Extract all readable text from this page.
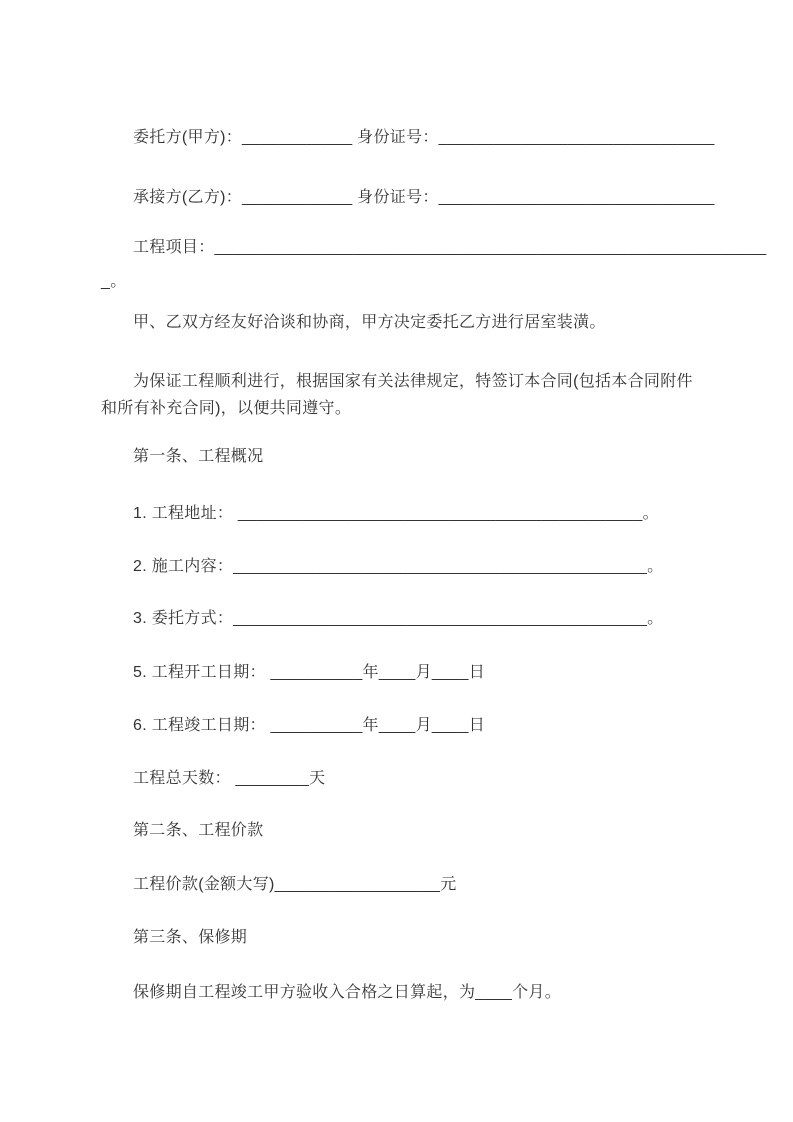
委托方(甲方)：____________ 身份证号：______________________________
承接方(乙方)：____________ 身份证号：______________________________
工程项目：____________________________________________________________
_。
甲、乙双方经友好洽谈和协商，甲方决定委托乙方进行居室装潢。
为保证工程顺利进行，根据国家有关法律规定，特签订本合同(包括本合同附件
和所有补充合同)，以便共同遵守。
第一条、工程概况
1. 工程地址： ____________________________________________。
2. 施工内容：_____________________________________________。
3. 委托方式：_____________________________________________。
5. 工程开工日期： __________年____月____日
6. 工程竣工日期： __________年____月____日
工程总天数： ________天
第二条、工程价款
工程价款(金额大写)__________________元
第三条、保修期
保修期自工程竣工甲方验收入合格之日算起，为____个月。
